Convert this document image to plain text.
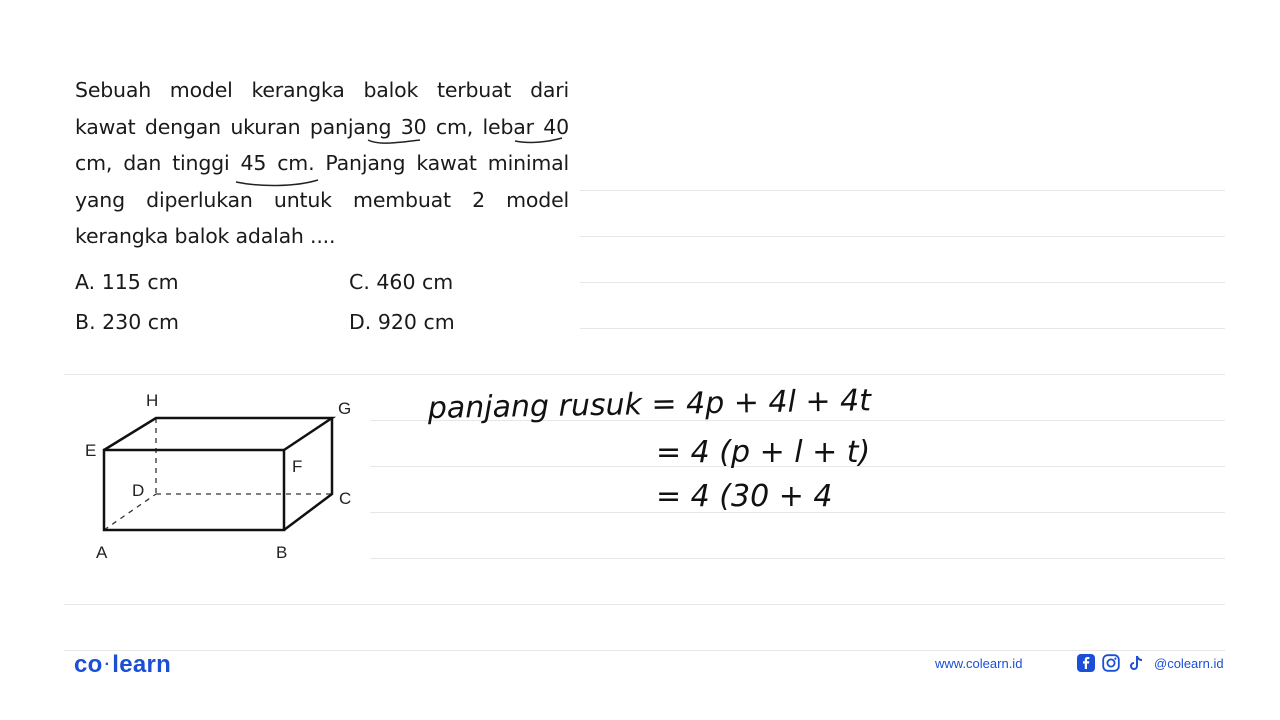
Sebuah model kerangka balok terbuat dari kawat dengan ukuran panjang 30 cm, lebar 40 cm, dan tinggi 45 cm. Panjang kawat minimal yang diperlukan untuk membuat 2 model kerangka balok adalah ....
A. 115 cm
B. 230 cm
C. 460 cm
D. 920 cm
H	G
E
F
D	C
A	B
panjang rusuk = 4p + 4l + 4t
= 4 (p + l + t)
= 4 (30 + 4
co ·learn	www.colearn.id	@colearn.id
